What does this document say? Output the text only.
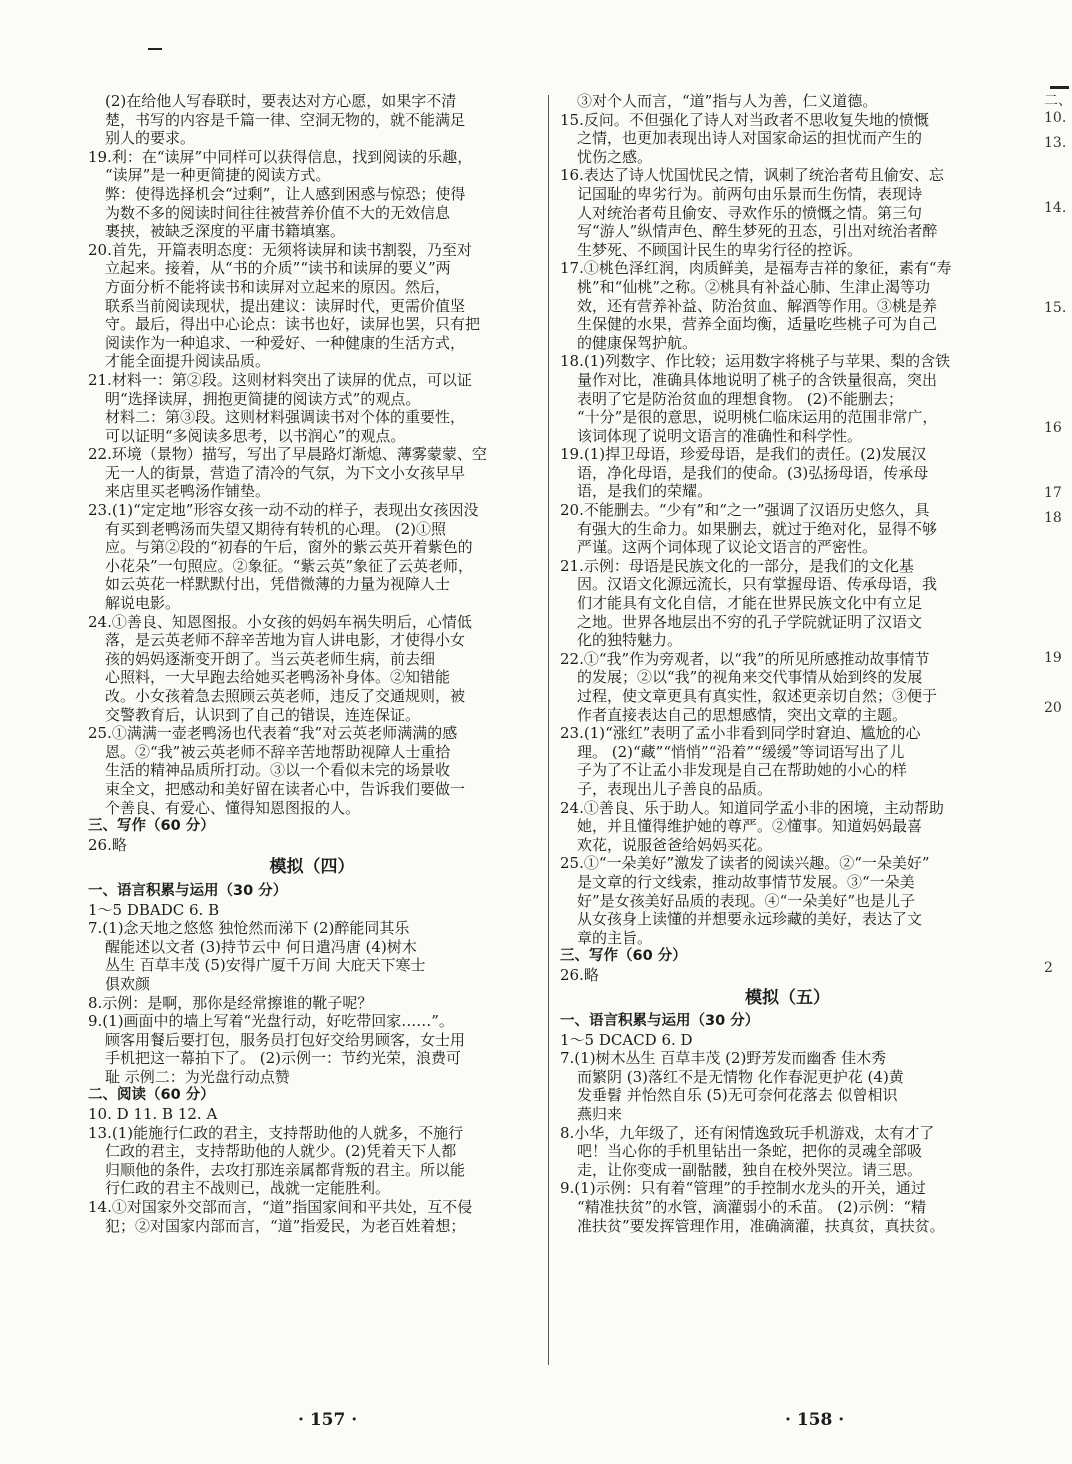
(2)在给他人写春联时，要表达对方心愿，如果字不清
楚，书写的内容是千篇一律、空洞无物的，就不能满足
别人的要求。
19.利：在“读屏”中同样可以获得信息，找到阅读的乐趣，
“读屏”是一种更简捷的阅读方式。
弊：使得选择机会“过剩”，让人感到困惑与惊恐；使得
为数不多的阅读时间往往被营养价值不大的无效信息
裹挟，被缺乏深度的平庸书籍填塞。
20.首先，开篇表明态度：无须将读屏和读书割裂，乃至对
立起来。接着，从“书的介质”“读书和读屏的要义”两
方面分析不能将读书和读屏对立起来的原因。然后，
联系当前阅读现状，提出建议：读屏时代，更需价值坚
守。最后，得出中心论点：读书也好，读屏也罢，只有把
阅读作为一种追求、一种爱好、一种健康的生活方式，
才能全面提升阅读品质。
21.材料一：第②段。这则材料突出了读屏的优点，可以证
明“选择读屏，拥抱更简捷的阅读方式”的观点。
材料二：第③段。这则材料强调读书对个体的重要性，
可以证明“多阅读多思考，以书润心”的观点。
22.环境（景物）描写，写出了早晨路灯渐熄、薄雾蒙蒙、空
无一人的街景，营造了清冷的气氛，为下文小女孩早早
来店里买老鸭汤作铺垫。
23.(1)“定定地”形容女孩一动不动的样子，表现出女孩因没
有买到老鸭汤而失望又期待有转机的心理。 (2)①照
应。与第②段的“初春的午后，窗外的紫云英开着紫色的
小花朵”一句照应。②象征。“紫云英”象征了云英老师，
如云英花一样默默付出，凭借微薄的力量为视障人士
解说电影。
24.①善良、知恩图报。小女孩的妈妈车祸失明后，心情低
落，是云英老师不辞辛苦地为盲人讲电影，才使得小女
孩的妈妈逐渐变开朗了。当云英老师生病，前去细
心照料，一大早跑去给她买老鸭汤补身体。②知错能
改。小女孩着急去照顾云英老师，违反了交通规则，被
交警教育后，认识到了自己的错误，连连保证。
25.①满满一壶老鸭汤也代表着“我”对云英老师满满的感
恩。②“我”被云英老师不辞辛苦地帮助视障人士重拾
生活的精神品质所打动。③以一个看似未完的场景收
束全文，把感动和美好留在读者心中，告诉我们要做一
个善良、有爱心、懂得知恩图报的人。
三、写作（60 分）
26.略
模拟（四）
一、语言积累与运用（30 分）
1～5 DBADC 6. B
7.(1)念天地之悠悠 独怆然而涕下 (2)醉能同其乐
醒能述以文者 (3)持节云中 何日遣冯唐 (4)树木
丛生 百草丰茂 (5)安得广厦千万间 大庇天下寒士
俱欢颜
8.示例：是啊，那你是经常擦谁的靴子呢？
9.(1)画面中的墙上写着“光盘行动，好吃带回家……”。
顾客用餐后要打包，服务员打包好交给男顾客，女士用
手机把这一幕拍下了。 (2)示例一：节约光荣，浪费可
耻 示例二：为光盘行动点赞
二、阅读（60 分）
10. D 11. B 12. A
13.(1)能施行仁政的君主，支持帮助他的人就多，不施行
仁政的君主，支持帮助他的人就少。(2)凭着天下人都
归顺他的条件，去攻打那连亲属都背叛的君主。所以能
行仁政的君主不战则已，战就一定能胜利。
14.①对国家外交部而言，“道”指国家间和平共处，互不侵
犯；②对国家内部而言，“道”指爱民，为老百姓着想；
③对个人而言，“道”指与人为善，仁义道德。
15.反问。不但强化了诗人对当政者不思收复失地的愤慨
之情，也更加表现出诗人对国家命运的担忧而产生的
忧伤之感。
16.表达了诗人忧国忧民之情，讽刺了统治者苟且偷安、忘
记国耻的卑劣行为。前两句由乐景而生伤情，表现诗
人对统治者苟且偷安、寻欢作乐的愤慨之情。第三句
写“游人”纵情声色、醉生梦死的丑态，引出对统治者醉
生梦死、不顾国计民生的卑劣行径的控诉。
17.①桃色泽红润，肉质鲜美，是福寿吉祥的象征，素有“寿
桃”和“仙桃”之称。②桃具有补益心肺、生津止渴等功
效，还有营养补益、防治贫血、解酒等作用。③桃是养
生保健的水果，营养全面均衡，适量吃些桃子可为自己
的健康保驾护航。
18.(1)列数字、作比较；运用数字将桃子与苹果、梨的含铁
量作对比，准确具体地说明了桃子的含铁量很高，突出
表明了它是防治贫血的理想食物。 (2)不能删去；
“十分”是很的意思，说明桃仁临床运用的范围非常广，
该词体现了说明文语言的准确性和科学性。
19.(1)捍卫母语，珍爱母语，是我们的责任。(2)发展汉
语，净化母语，是我们的使命。(3)弘扬母语，传承母
语，是我们的荣耀。
20.不能删去。“少有”和“之一”强调了汉语历史悠久，具
有强大的生命力。如果删去，就过于绝对化，显得不够
严谨。这两个词体现了议论文语言的严密性。
21.示例：母语是民族文化的一部分，是我们的文化基
因。汉语文化源远流长，只有掌握母语、传承母语，我
们才能具有文化自信，才能在世界民族文化中有立足
之地。世界各地层出不穷的孔子学院就证明了汉语文
化的独特魅力。
22.①“我”作为旁观者，以“我”的所见所感推动故事情节
的发展；②以“我”的视角来交代事情从始到终的发展
过程，使文章更具有真实性，叙述更亲切自然；③便于
作者直接表达自己的思想感情，突出文章的主题。
23.(1)“涨红”表明了孟小非看到同学时窘迫、尴尬的心
理。 (2)“藏”“悄悄”“沿着”“缓缓”等词语写出了儿
子为了不让孟小非发现是自己在帮助她的小心的样
子，表现出儿子善良的品质。
24.①善良、乐于助人。知道同学孟小非的困境，主动帮助
她，并且懂得维护她的尊严。②懂事。知道妈妈最喜
欢花，说服爸爸给妈妈买花。
25.①“一朵美好”激发了读者的阅读兴趣。②“一朵美好”
是文章的行文线索，推动故事情节发展。③“一朵美
好”是女孩美好品质的表现。④“一朵美好”也是儿子
从女孩身上读懂的并想要永远珍藏的美好，表达了文
章的主旨。
三、写作（60 分）
26.略
模拟（五）
一、语言积累与运用（30 分）
1～5 DCACD 6. D
7.(1)树木丛生 百草丰茂 (2)野芳发而幽香 佳木秀
而繁阴 (3)落红不是无情物 化作春泥更护花 (4)黄
发垂髫 并怡然自乐 (5)无可奈何花落去 似曾相识
燕归来
8.小华，九年级了，还有闲情逸致玩手机游戏，太有才了
吧！当心你的手机里钻出一条蛇，把你的灵魂全部吸
走，让你变成一副骷髅，独自在校外哭泣。请三思。
9.(1)示例：只有着“管理”的手控制水龙头的开关，通过
“精准扶贫”的水管，滴灌弱小的禾苗。 (2)示例：“精
准扶贫”要发挥管理作用，准确滴灌，扶真贫，真扶贫。
· 157 ·	· 158 ·
二、
10.
13.
14.
15.
16
17
18
19
20
2
